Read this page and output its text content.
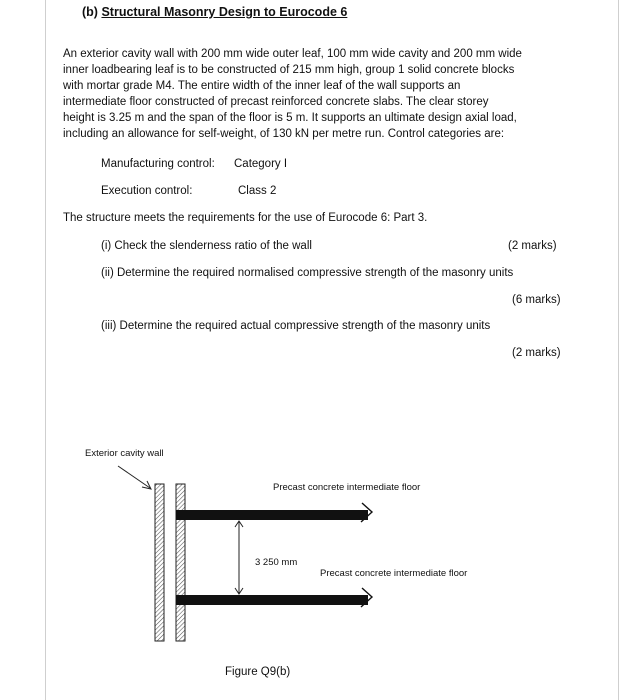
(b) Structural Masonry Design to Eurocode 6
An exterior cavity wall with 200 mm wide outer leaf, 100 mm wide cavity and 200 mm wide
inner loadbearing leaf is to be constructed of 215 mm high, group 1 solid concrete blocks
with mortar grade M4. The entire width of the inner leaf of the wall supports an
intermediate floor constructed of precast reinforced concrete slabs. The clear storey
height is 3.25 m and the span of the floor is 5 m. It supports an ultimate design axial load,
including an allowance for self-weight, of 130 kN per metre run. Control categories are:
Manufacturing control: Category I
Execution control:	Class 2
The structure meets the requirements for the use of Eurocode 6: Part 3.
(i) Check the slenderness ratio of the wall	(2 marks)
(ii) Determine the required normalised compressive strength of the masonry units
(6 marks)
(iii) Determine the required actual compressive strength of the masonry units
(2 marks)
Exterior cavity wall
Precast concrete intermediate floor
Precast concrete intermediate floor
3 250 mm
Figure Q9(b)
